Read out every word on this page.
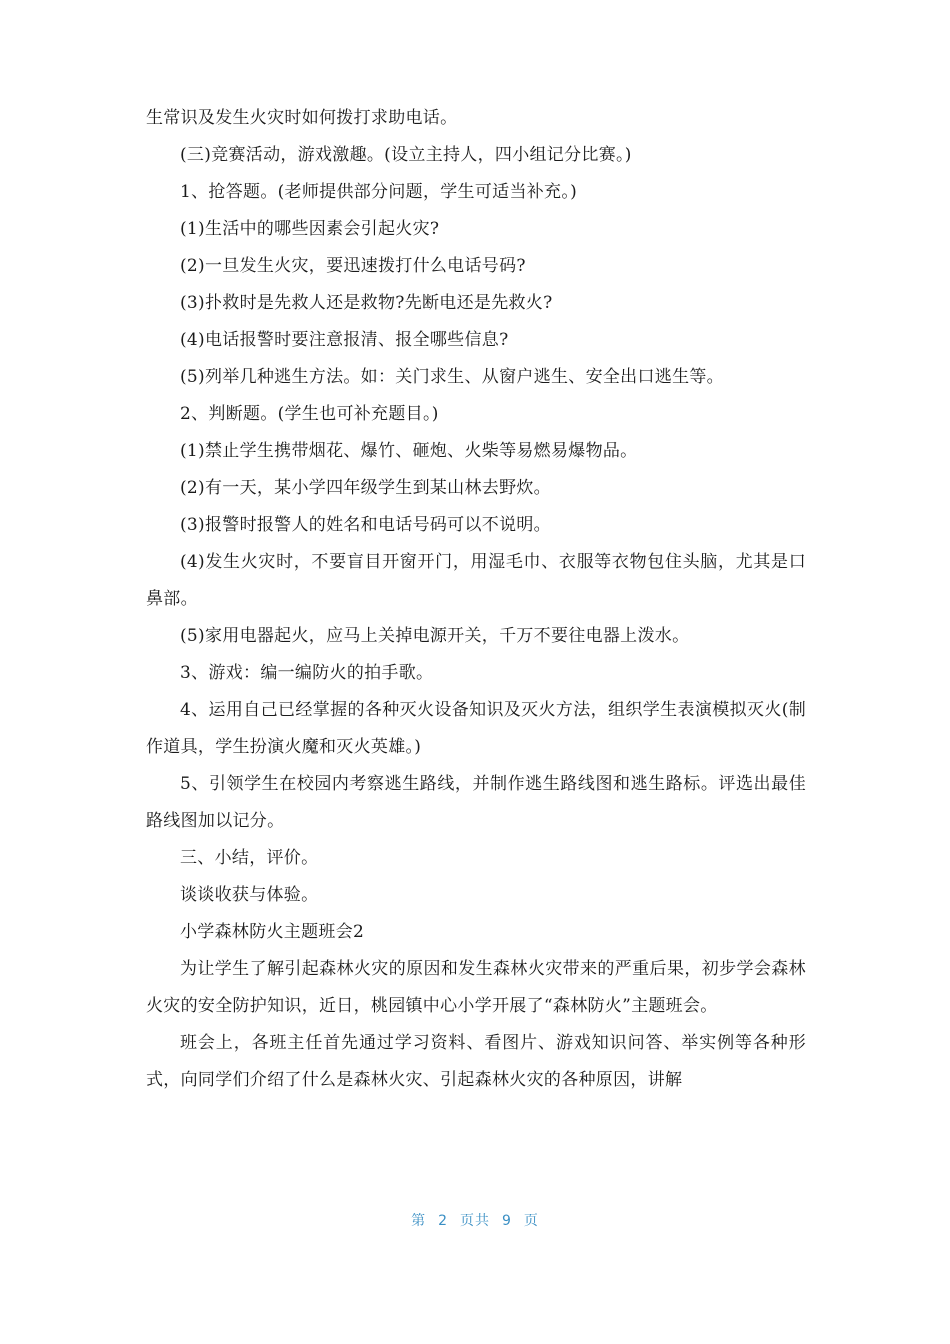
生常识及发生火灾时如何拨打求助电话。

(三)竞赛活动，游戏激趣。(设立主持人，四小组记分比赛。)

1、抢答题。(老师提供部分问题，学生可适当补充。)

(1)生活中的哪些因素会引起火灾?

(2)一旦发生火灾，要迅速拨打什么电话号码?

(3)扑救时是先救人还是救物?先断电还是先救火?

(4)电话报警时要注意报清、报全哪些信息?

(5)列举几种逃生方法。如：关门求生、从窗户逃生、安全出口逃生等。

2、判断题。(学生也可补充题目。)

(1)禁止学生携带烟花、爆竹、砸炮、火柴等易燃易爆物品。

(2)有一天，某小学四年级学生到某山林去野炊。

(3)报警时报警人的姓名和电话号码可以不说明。

(4)发生火灾时，不要盲目开窗开门，用湿毛巾、衣服等衣物包住头脑，尤其是口鼻部。

(5)家用电器起火，应马上关掉电源开关，千万不要往电器上泼水。

3、游戏：编一编防火的拍手歌。

4、运用自己已经掌握的各种灭火设备知识及灭火方法，组织学生表演模拟灭火(制作道具，学生扮演火魔和灭火英雄。)

5、引领学生在校园内考察逃生路线，并制作逃生路线图和逃生路标。评选出最佳路线图加以记分。

三、小结，评价。

谈谈收获与体验。

小学森林防火主题班会2

为让学生了解引起森林火灾的原因和发生森林火灾带来的严重后果，初步学会森林火灾的安全防护知识，近日，桃园镇中心小学开展了“森林防火”主题班会。

班会上，各班主任首先通过学习资料、看图片、游戏知识问答、举实例等各种形式，向同学们介绍了什么是森林火灾、引起森林火灾的各种原因，讲解

第 2 页共 9 页
